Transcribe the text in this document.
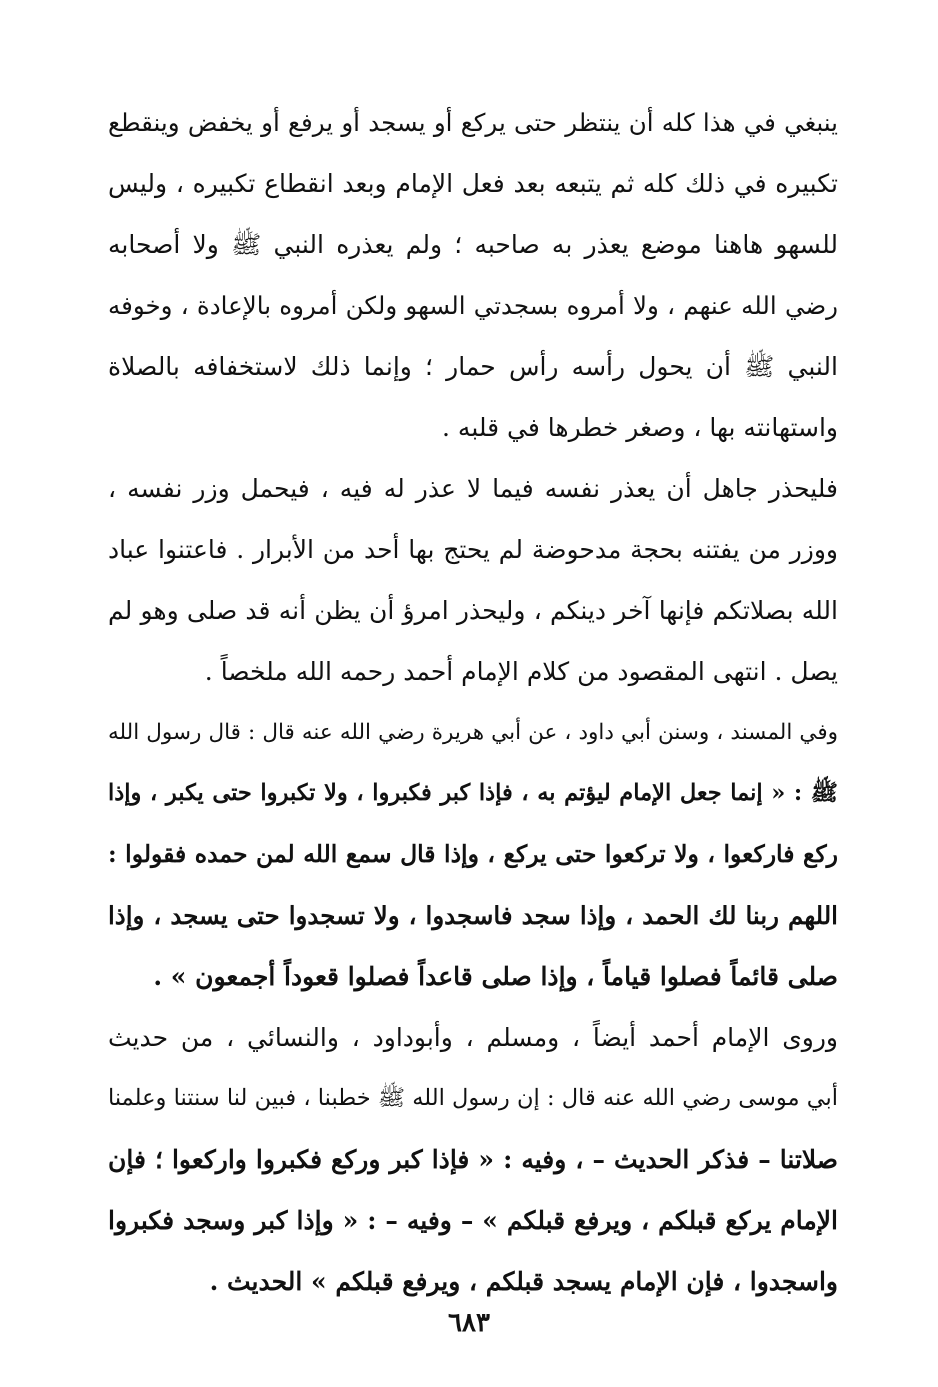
ينبغي في هذا كله أن ينتظر حتى يركع أو يسجد أو يرفع أو يخفض وينقطع
تكبيره في ذلك كله ثم يتبعه بعد فعل الإمام وبعد انقطاع تكبيره ، وليس
للسهو هاهنا موضع يعذر به صاحبه ؛ ولم يعذره النبي ﷺ ولا أصحابه
رضي الله عنهم ، ولا أمروه بسجدتي السهو ولكن أمروه بالإعادة ، وخوفه
النبي ﷺ أن يحول رأسه رأس حمار ؛ وإنما ذلك لاستخفافه بالصلاة
واستهانته بها ، وصغر خطرها في قلبه .
فليحذر جاهل أن يعذر نفسه فيما لا عذر له فيه ، فيحمل وزر نفسه ،
ووزر من يفتنه بحجة مدحوضة لم يحتج بها أحد من الأبرار . فاعتنوا عباد
الله بصلاتكم فإنها آخر دينكم ، وليحذر امرؤ أن يظن أنه قد صلى وهو لم
يصل . انتهى المقصود من كلام الإمام أحمد رحمه الله ملخصاً .
وفي المسند ، وسنن أبي داود ، عن أبي هريرة رضي الله عنه قال : قال رسول الله
ﷺ : « إنما جعل الإمام ليؤتم به ، فإذا كبر فكبروا ، ولا تكبروا حتى يكبر ، وإذا
ركع فاركعوا ، ولا تركعوا حتى يركع ، وإذا قال سمع الله لمن حمده فقولوا :
اللهم ربنا لك الحمد ، وإذا سجد فاسجدوا ، ولا تسجدوا حتى يسجد ، وإذا
صلى قائماً فصلوا قياماً ، وإذا صلى قاعداً فصلوا قعوداً أجمعون » .
وروى الإمام أحمد أيضاً ، ومسلم ، وأبوداود ، والنسائي ، من حديث
أبي موسى رضي الله عنه قال : إن رسول الله ﷺ خطبنا ، فبين لنا سنتنا وعلمنا
صلاتنا – فذكر الحديث – ، وفيه : « فإذا كبر وركع فكبروا واركعوا ؛ فإن
الإمام يركع قبلكم ، ويرفع قبلكم » – وفيه – : « وإذا كبر وسجد فكبروا
واسجدوا ، فإن الإمام يسجد قبلكم ، ويرفع قبلكم » الحديث .
٦٨٣
